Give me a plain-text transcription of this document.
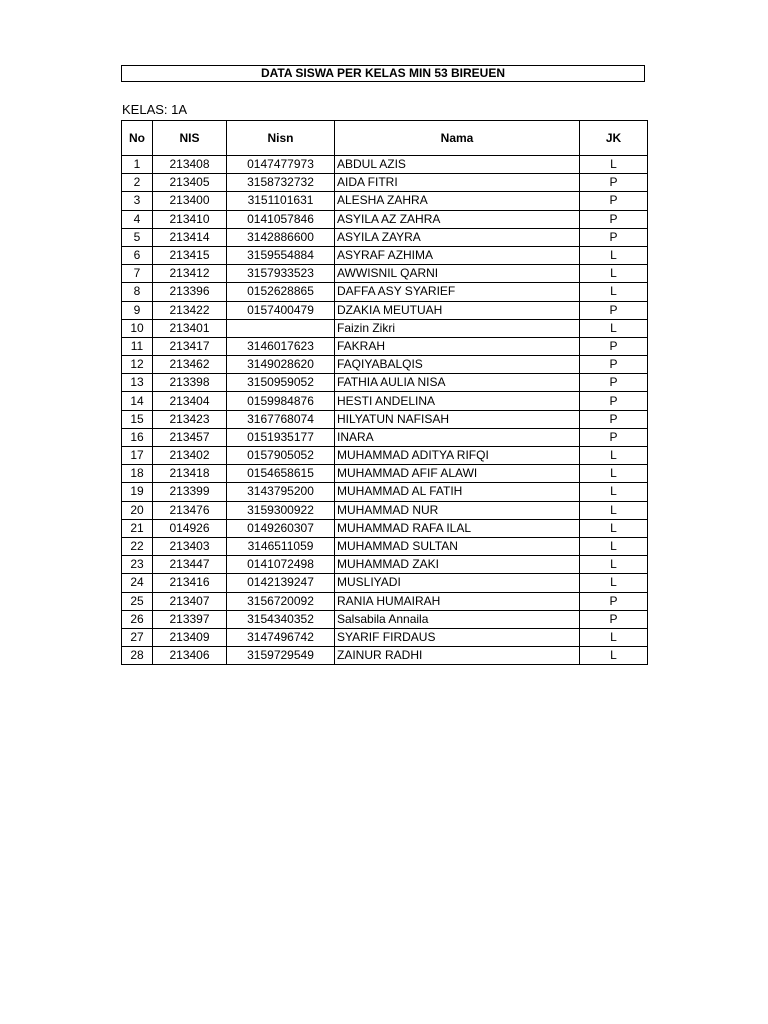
DATA SISWA PER KELAS MIN 53 BIREUEN
KELAS: 1A
No	NIS	Nisn	Nama	JK
1	213408	0147477973	ABDUL AZIS	L
2	213405	3158732732	AIDA FITRI	P
3	213400	3151101631	ALESHA ZAHRA	P
4	213410	0141057846	ASYILA AZ ZAHRA	P
5	213414	3142886600	ASYILA ZAYRA	P
6	213415	3159554884	ASYRAF AZHIMA	L
7	213412	3157933523	AWWISNIL QARNI	L
8	213396	0152628865	DAFFA ASY SYARIEF	L
9	213422	0157400479	DZAKIA MEUTUAH	P
10	213401		Faizin Zikri	L
11	213417	3146017623	FAKRAH	P
12	213462	3149028620	FAQIYABALQIS	P
13	213398	3150959052	FATHIA AULIA NISA	P
14	213404	0159984876	HESTI ANDELINA	P
15	213423	3167768074	HILYATUN NAFISAH	P
16	213457	0151935177	INARA	P
17	213402	0157905052	MUHAMMAD ADITYA RIFQI	L
18	213418	0154658615	MUHAMMAD AFIF ALAWI	L
19	213399	3143795200	MUHAMMAD AL FATIH	L
20	213476	3159300922	MUHAMMAD NUR	L
21	014926	0149260307	MUHAMMAD RAFA ILAL	L
22	213403	3146511059	MUHAMMAD SULTAN	L
23	213447	0141072498	MUHAMMAD ZAKI	L
24	213416	0142139247	MUSLIYADI	L
25	213407	3156720092	RANIA HUMAIRAH	P
26	213397	3154340352	Salsabila Annaila	P
27	213409	3147496742	SYARIF FIRDAUS	L
28	213406	3159729549	ZAINUR RADHI	L
